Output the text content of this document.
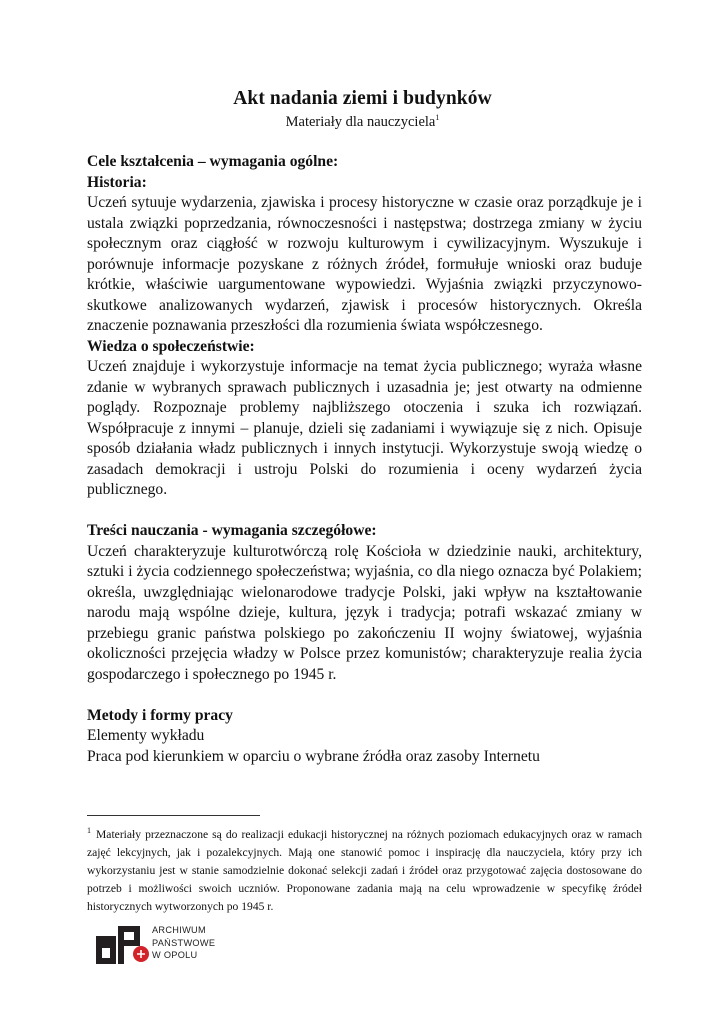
Akt nadania ziemi i budynków
Materiały dla nauczyciela$^1$
Cele kształcenia – wymagania ogólne:
Historia:

Uczeń sytuuje wydarzenia, zjawiska i procesy historyczne w czasie oraz porządkuje je i ustala związki poprzedzania, równoczesności i następstwa; dostrzega zmiany w życiu społecznym oraz ciągłość w rozwoju kulturowym i cywilizacyjnym. Wyszukuje i porównuje informacje pozyskane z różnych źródeł, formułuje wnioski oraz buduje krótkie, właściwie uargumentowane wypowiedzi. Wyjaśnia związki przyczynowo-skutkowe analizowanych wydarzeń, zjawisk i procesów historycznych. Określa znaczenie poznawania przeszłości dla rozumienia świata współczesnego.

Wiedza o społeczeństwie:

Uczeń znajduje i wykorzystuje informacje na temat życia publicznego; wyraża własne zdanie w wybranych sprawach publicznych i uzasadnia je; jest otwarty na odmienne poglądy. Rozpoznaje problemy najbliższego otoczenia i szuka ich rozwiązań. Współpracuje z innymi – planuje, dzieli się zadaniami i wywiązuje się z nich. Opisuje sposób działania władz publicznych i innych instytucji. Wykorzystuje swoją wiedzę o zasadach demokracji i ustroju Polski do rozumienia i oceny wydarzeń życia publicznego.

Treści nauczania - wymagania szczegółowe:

Uczeń charakteryzuje kulturotwórczą rolę Kościoła w dziedzinie nauki, architektury, sztuki i życia codziennego społeczeństwa; wyjaśnia, co dla niego oznacza być Polakiem; określa, uwzględniając wielonarodowe tradycje Polski, jaki wpływ na kształtowanie narodu mają wspólne dzieje, kultura, język i tradycja; potrafi wskazać zmiany w przebiegu granic państwa polskiego po zakończeniu II wojny światowej, wyjaśnia okoliczności przejęcia władzy w Polsce przez komunistów; charakteryzuje realia życia gospodarczego i społecznego po 1945 r.

Metody i formy pracy
Elementy wykładu
Praca pod kierunkiem w oparciu o wybrane źródła oraz zasoby Internetu
$^1$ Materiały przeznaczone są do realizacji edukacji historycznej na różnych poziomach edukacyjnych oraz w ramach zajęć lekcyjnych, jak i pozalekcyjnych. Mają one stanowić pomoc i inspirację dla nauczyciela, który przy ich wykorzystaniu jest w stanie samodzielnie dokonać selekcji zadań i źródeł oraz przygotować zajęcia dostosowane do potrzeb i możliwości swoich uczniów. Proponowane zadania mają na celu wprowadzenie w specyfikę źródeł historycznych wytworzonych po 1945 r.
ARCHIWUM
PAŃSTWOWE
W OPOLU
